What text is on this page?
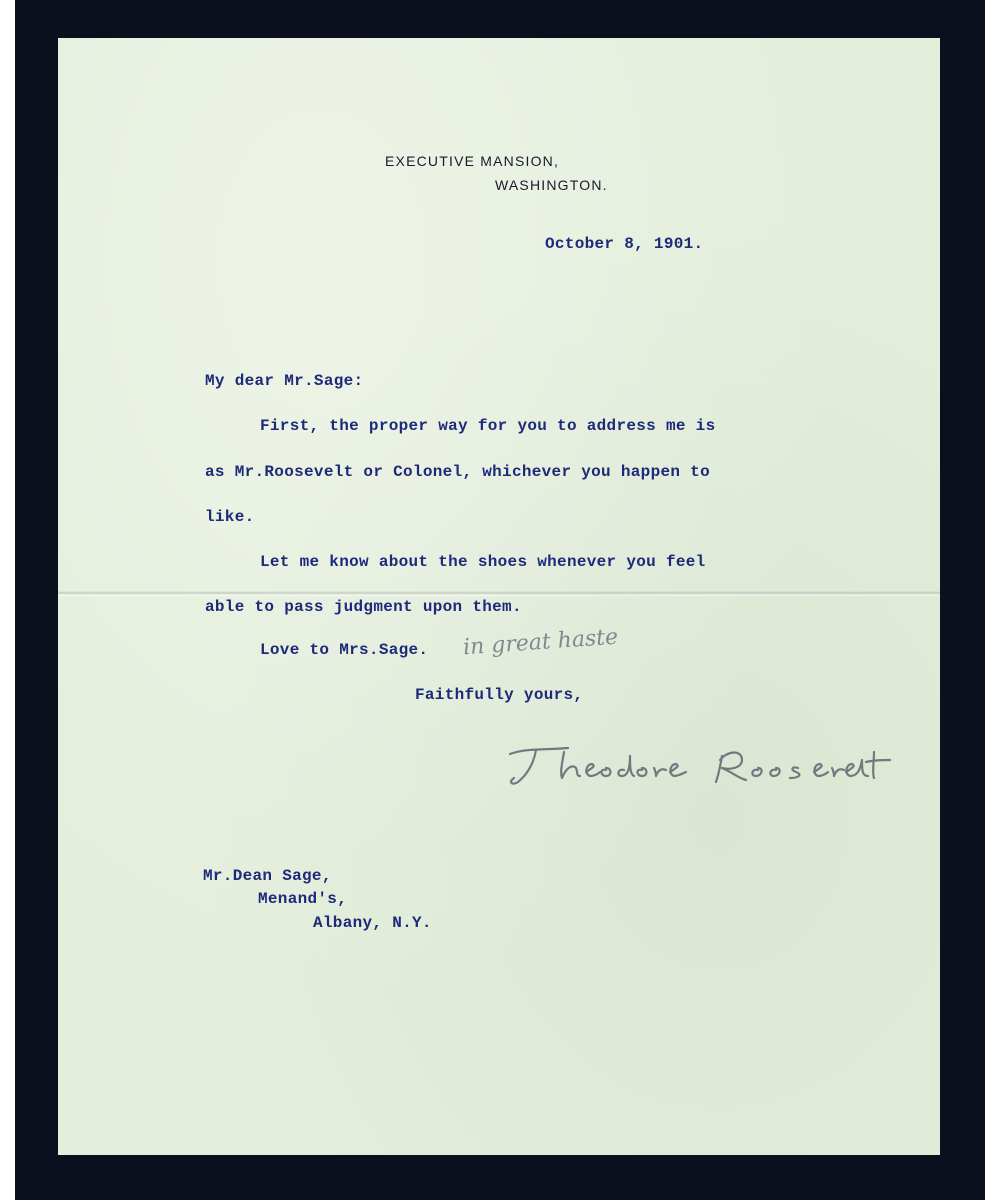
EXECUTIVE MANSION,
WASHINGTON.
October 8, 1901.
My dear Mr.Sage:
First, the proper way for you to address me is
as Mr.Roosevelt or Colonel, whichever you happen to
like.
Let me know about the shoes whenever you feel
able to pass judgment upon them.
Love to Mrs.Sage. in great haste
Faithfully yours,
Mr.Dean Sage,
Menand's,
Albany, N.Y.
